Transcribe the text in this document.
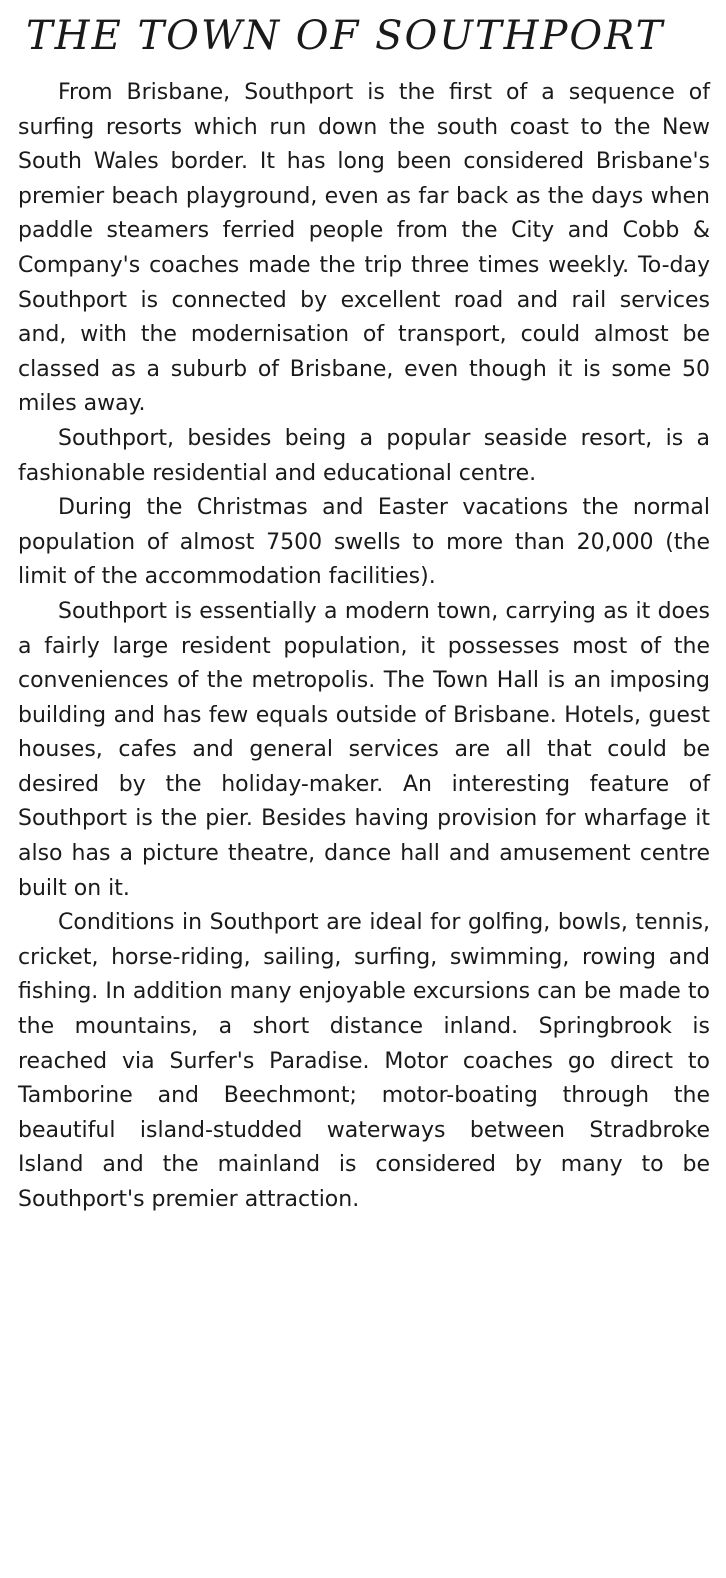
THE TOWN OF SOUTHPORT

From Brisbane, Southport is the first of a sequence of surfing resorts which run down the south coast to the New South Wales border. It has long been considered Brisbane's premier beach playground, even as far back as the days when paddle steamers ferried people from the City and Cobb & Company's coaches made the trip three times weekly. To-day Southport is connected by excellent road and rail services and, with the modernisation of transport, could almost be classed as a suburb of Brisbane, even though it is some 50 miles away.

Southport, besides being a popular seaside resort, is a fashionable residential and educational centre.

During the Christmas and Easter vacations the normal population of almost 7500 swells to more than 20,000 (the limit of the accommodation facilities).

Southport is essentially a modern town, carrying as it does a fairly large resident population, it possesses most of the conveniences of the metropolis. The Town Hall is an imposing building and has few equals outside of Brisbane. Hotels, guest houses, cafes and general services are all that could be desired by the holiday-maker. An interesting feature of Southport is the pier. Besides having provision for wharfage it also has a picture theatre, dance hall and amusement centre built on it.

Conditions in Southport are ideal for golfing, bowls, tennis, cricket, horse-riding, sailing, surfing, swimming, rowing and fishing. In addition many enjoyable excursions can be made to the mountains, a short distance inland. Springbrook is reached via Surfer's Paradise. Motor coaches go direct to Tamborine and Beechmont; motor-boating through the beautiful island-studded waterways between Stradbroke Island and the mainland is considered by many to be Southport's premier attraction.
